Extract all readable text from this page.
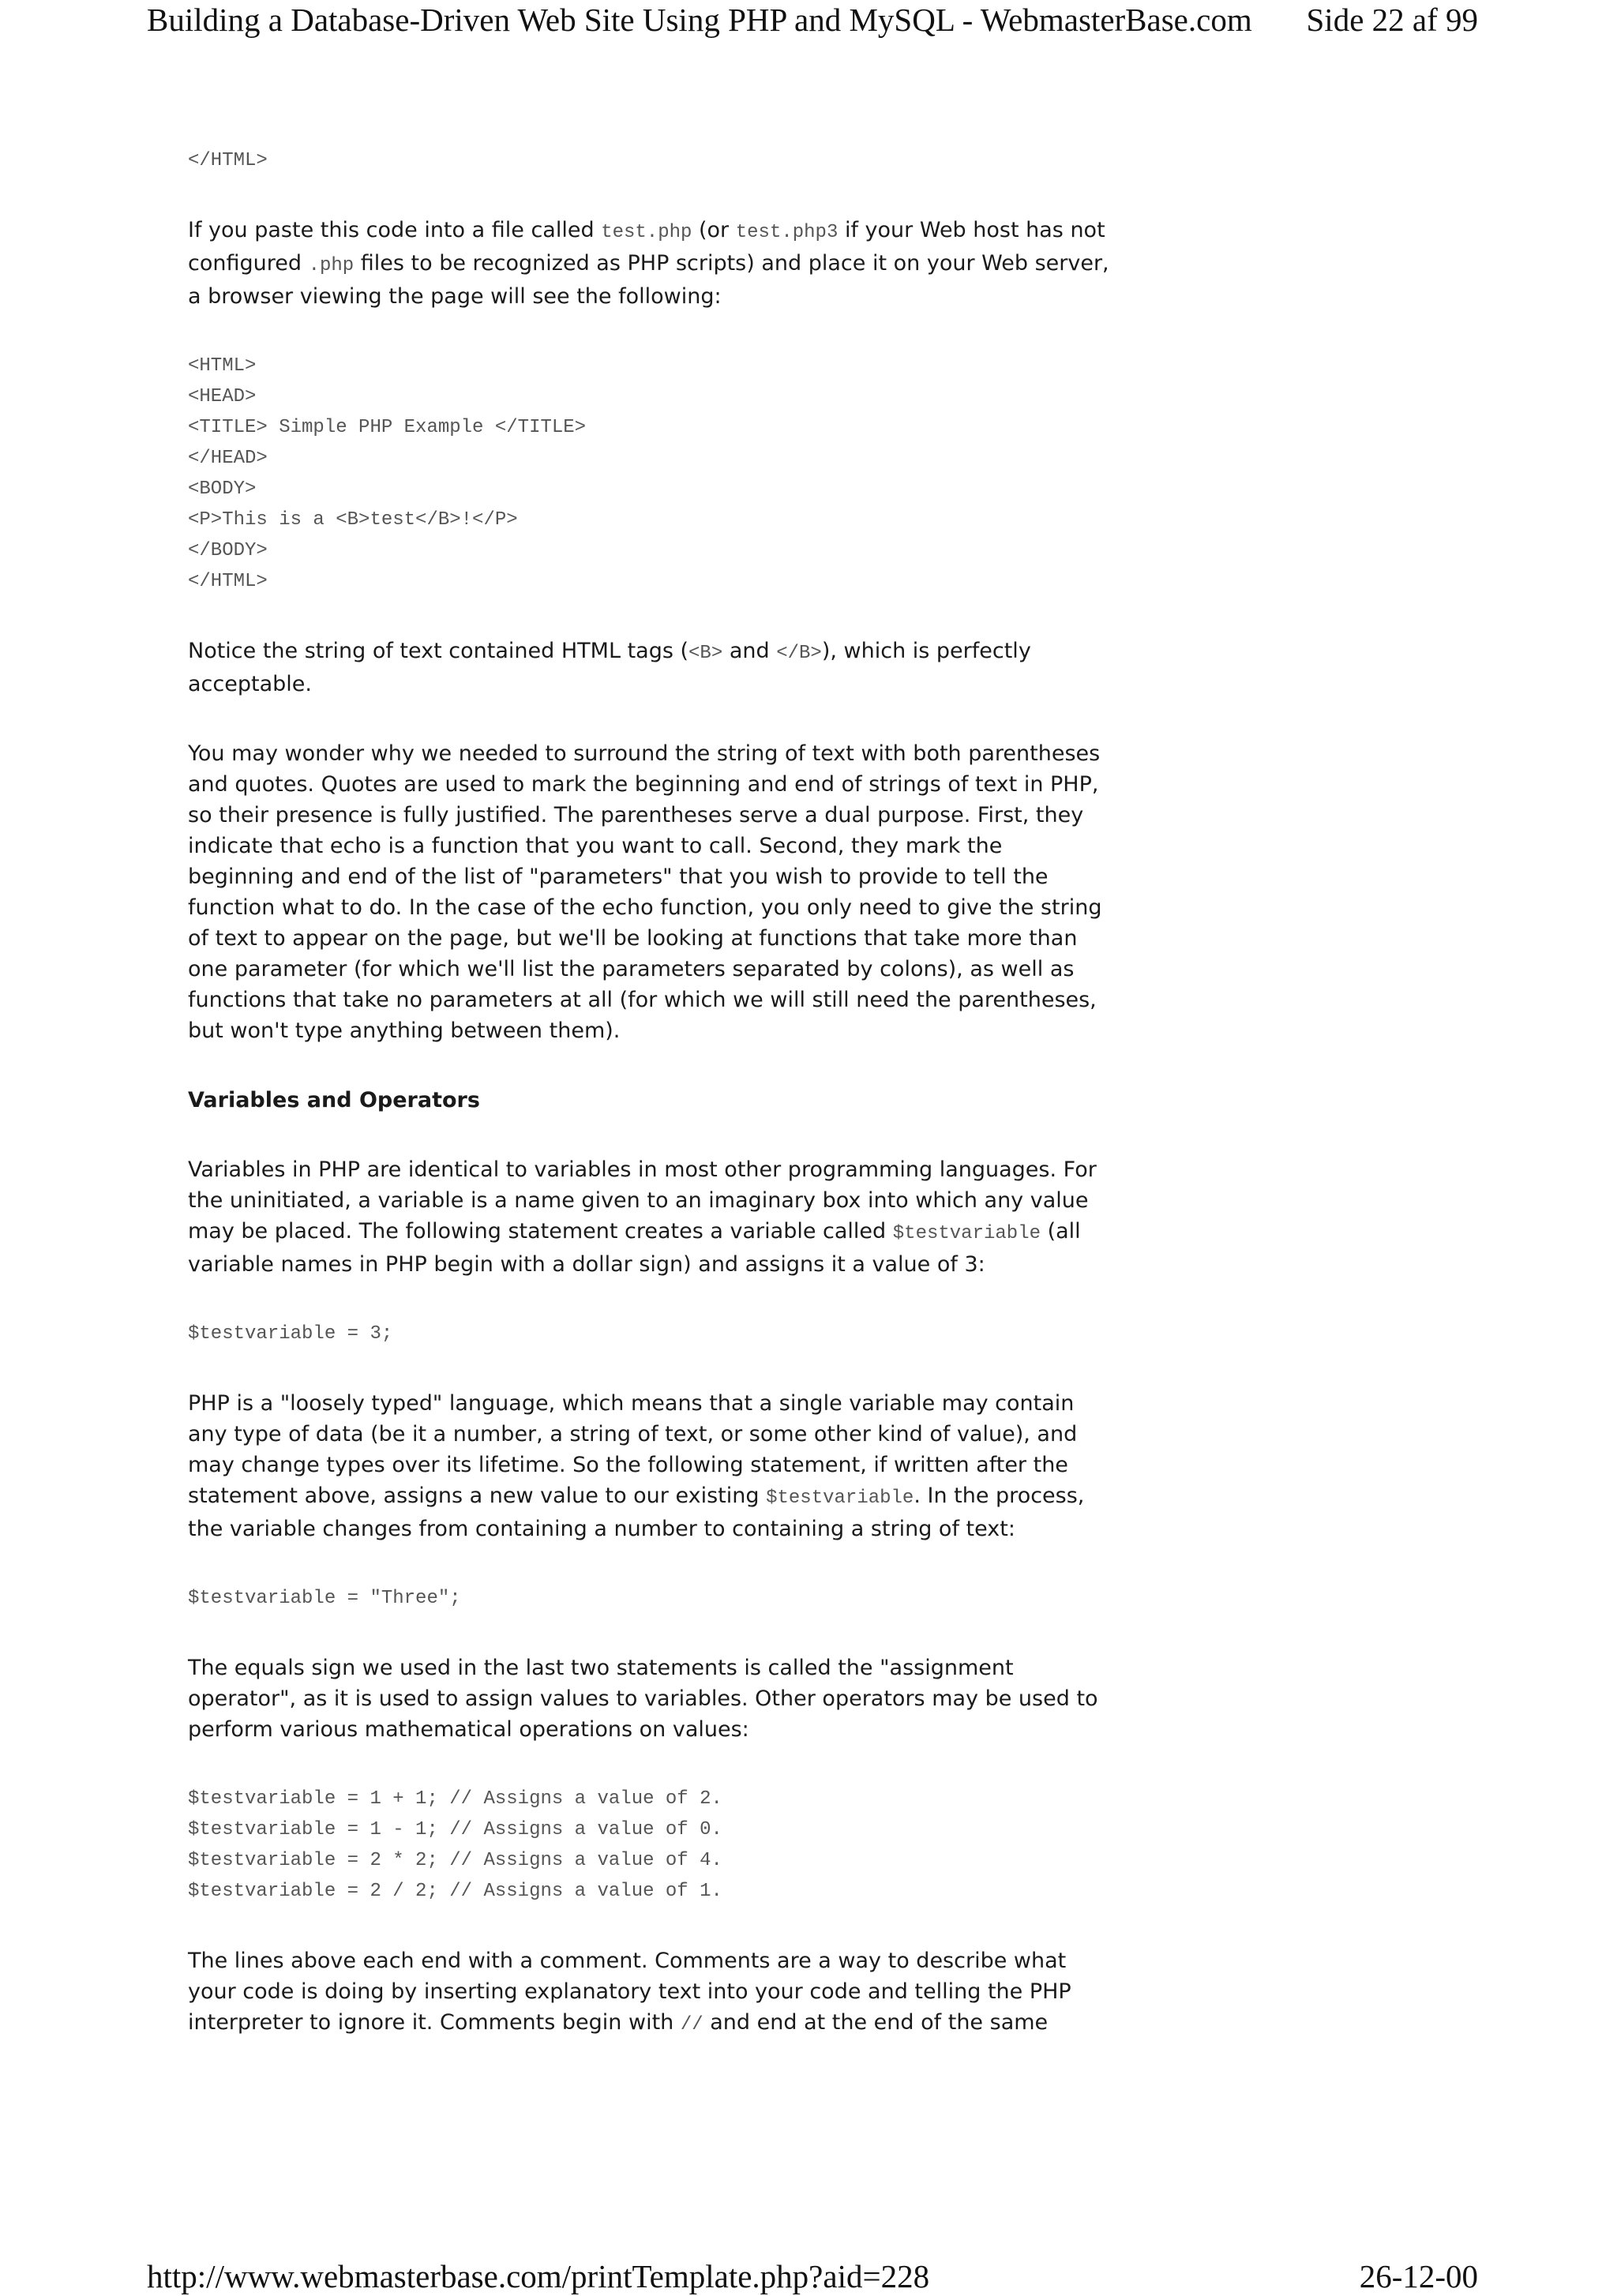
Building a Database-Driven Web Site Using PHP and MySQL - WebmasterBase.com Side 22 af 99
</HTML>

If you paste this code into a file called test.php (or test.php3 if your Web host has not configured .php files to be recognized as PHP scripts) and place it on your Web server, a browser viewing the page will see the following:

<HTML>
<HEAD>
<TITLE> Simple PHP Example </TITLE>
</HEAD>
<BODY>
<P>This is a <B>test</B>!</P>
</BODY>
</HTML>

Notice the string of text contained HTML tags (<B> and </B>), which is perfectly acceptable.

You may wonder why we needed to surround the string of text with both parentheses and quotes. Quotes are used to mark the beginning and end of strings of text in PHP, so their presence is fully justified. The parentheses serve a dual purpose. First, they indicate that echo is a function that you want to call. Second, they mark the beginning and end of the list of "parameters" that you wish to provide to tell the function what to do. In the case of the echo function, you only need to give the string of text to appear on the page, but we'll be looking at functions that take more than one parameter (for which we'll list the parameters separated by colons), as well as functions that take no parameters at all (for which we will still need the parentheses, but won't type anything between them).

Variables and Operators

Variables in PHP are identical to variables in most other programming languages. For the uninitiated, a variable is a name given to an imaginary box into which any value may be placed. The following statement creates a variable called $testvariable (all variable names in PHP begin with a dollar sign) and assigns it a value of 3:

$testvariable = 3;

PHP is a "loosely typed" language, which means that a single variable may contain any type of data (be it a number, a string of text, or some other kind of value), and may change types over its lifetime. So the following statement, if written after the statement above, assigns a new value to our existing $testvariable. In the process, the variable changes from containing a number to containing a string of text:

$testvariable = "Three";

The equals sign we used in the last two statements is called the "assignment operator", as it is used to assign values to variables. Other operators may be used to perform various mathematical operations on values:

$testvariable = 1 + 1; // Assigns a value of 2.
$testvariable = 1 - 1; // Assigns a value of 0.
$testvariable = 2 * 2; // Assigns a value of 4.
$testvariable = 2 / 2; // Assigns a value of 1.

The lines above each end with a comment. Comments are a way to describe what your code is doing by inserting explanatory text into your code and telling the PHP interpreter to ignore it. Comments begin with // and end at the end of the same

http://www.webmasterbase.com/printTemplate.php?aid=228	26-12-00
